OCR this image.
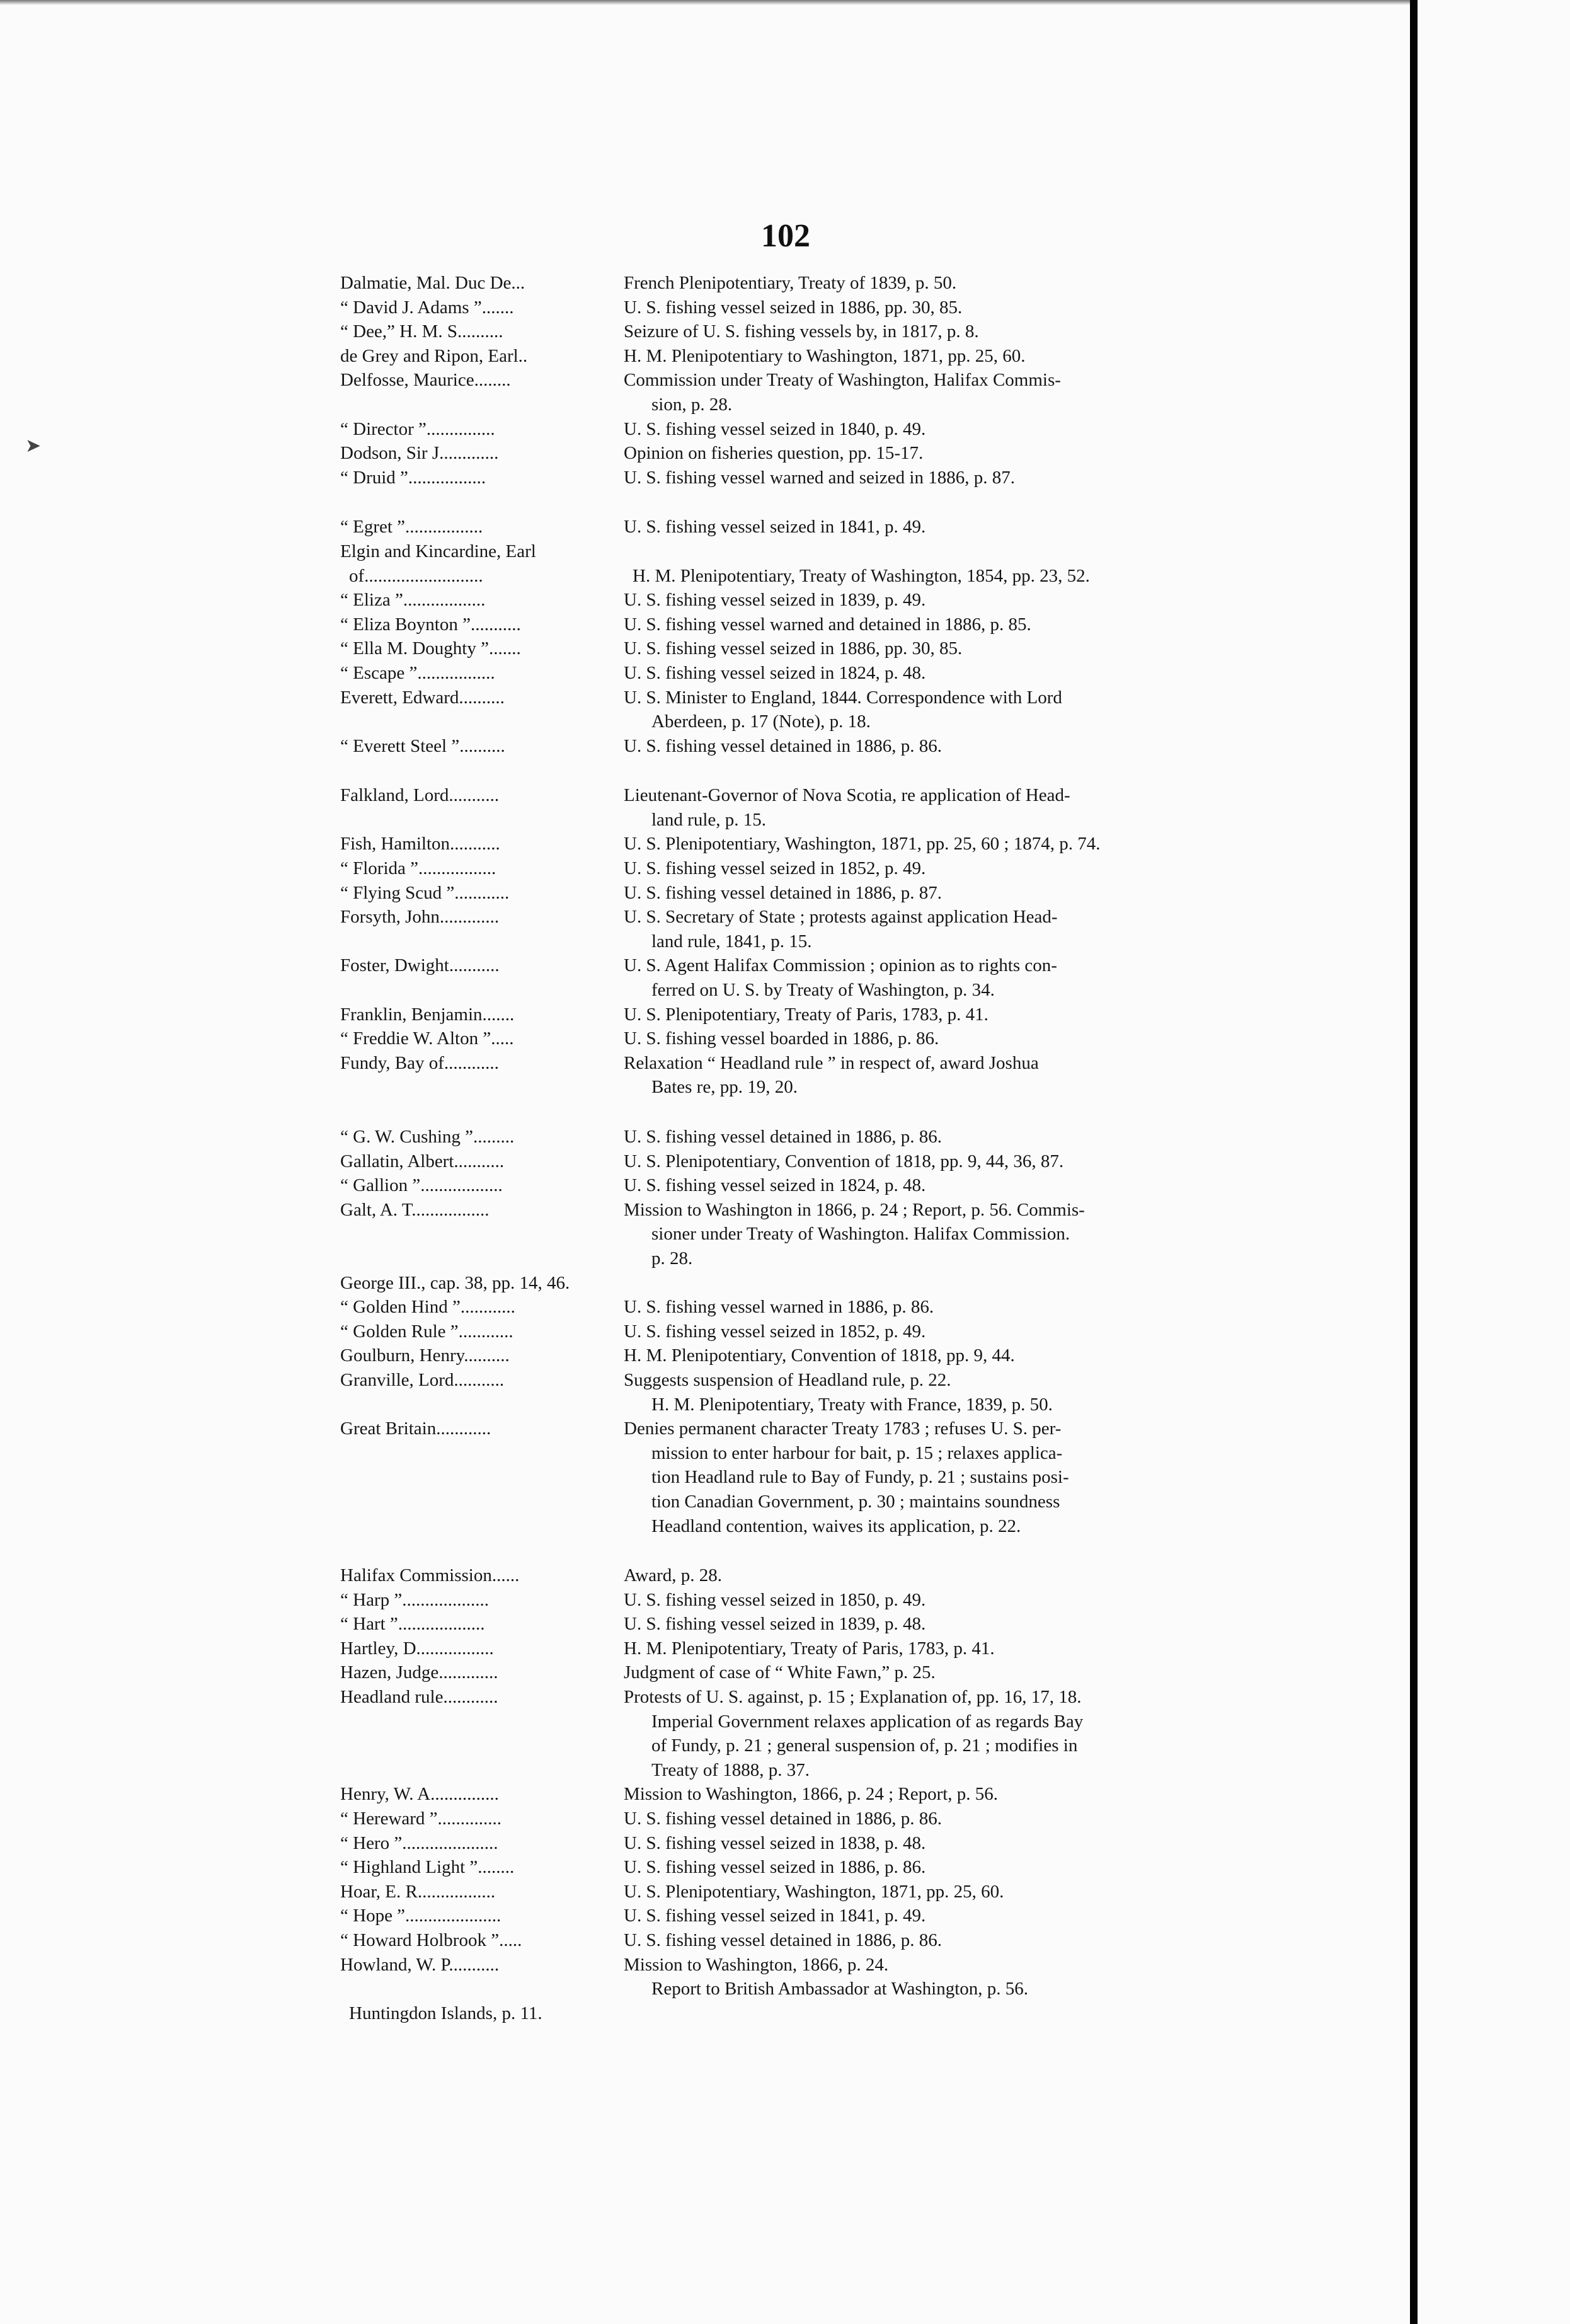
➤
102
Dalmatie, Mal. Duc De...	French Plenipotentiary, Treaty of 1839, p. 50.
“ David J. Adams ”.......	U. S. fishing vessel seized in 1886, pp. 30, 85.
“ Dee,” H. M. S..........	Seizure of U. S. fishing vessels by, in 1817, p. 8.
de Grey and Ripon, Earl..	H. M. Plenipotentiary to Washington, 1871, pp. 25, 60.
Delfosse, Maurice........	Commission under Treaty of Washington, Halifax Commis-
sion, p. 28.
“ Director ”...............	U. S. fishing vessel seized in 1840, p. 49.
Dodson, Sir J.............	Opinion on fisheries question, pp. 15-17.
“ Druid ”.................	U. S. fishing vessel warned and seized in 1886, p. 87.
“ Egret ”.................	U. S. fishing vessel seized in 1841, p. 49.
Elgin and Kincardine, Earl
of..........................	H. M. Plenipotentiary, Treaty of Washington, 1854, pp. 23, 52.
“ Eliza ”..................	U. S. fishing vessel seized in 1839, p. 49.
“ Eliza Boynton ”...........	U. S. fishing vessel warned and detained in 1886, p. 85.
“ Ella M. Doughty ”.......	U. S. fishing vessel seized in 1886, pp. 30, 85.
“ Escape ”.................	U. S. fishing vessel seized in 1824, p. 48.
Everett, Edward..........	U. S. Minister to England, 1844. Correspondence with Lord
Aberdeen, p. 17 (Note), p. 18.
“ Everett Steel ”..........	U. S. fishing vessel detained in 1886, p. 86.
Falkland, Lord...........	Lieutenant-Governor of Nova Scotia, re application of Head-
land rule, p. 15.
Fish, Hamilton...........	U. S. Plenipotentiary, Washington, 1871, pp. 25, 60 ; 1874, p. 74.
“ Florida ”.................	U. S. fishing vessel seized in 1852, p. 49.
“ Flying Scud ”............	U. S. fishing vessel detained in 1886, p. 87.
Forsyth, John.............	U. S. Secretary of State ; protests against application Head-
land rule, 1841, p. 15.
Foster, Dwight...........	U. S. Agent Halifax Commission ; opinion as to rights con-
ferred on U. S. by Treaty of Washington, p. 34.
Franklin, Benjamin.......	U. S. Plenipotentiary, Treaty of Paris, 1783, p. 41.
“ Freddie W. Alton ”.....	U. S. fishing vessel boarded in 1886, p. 86.
Fundy, Bay of............	Relaxation “ Headland rule ” in respect of, award Joshua
Bates re, pp. 19, 20.
“ G. W. Cushing ”.........	U. S. fishing vessel detained in 1886, p. 86.
Gallatin, Albert...........	U. S. Plenipotentiary, Convention of 1818, pp. 9, 44, 36, 87.
“ Gallion ”..................	U. S. fishing vessel seized in 1824, p. 48.
Galt, A. T.................	Mission to Washington in 1866, p. 24 ; Report, p. 56. Commis-
sioner under Treaty of Washington. Halifax Commission.
p. 28.
George III., cap. 38, pp. 14, 46.
“ Golden Hind ”............	U. S. fishing vessel warned in 1886, p. 86.
“ Golden Rule ”............	U. S. fishing vessel seized in 1852, p. 49.
Goulburn, Henry..........	H. M. Plenipotentiary, Convention of 1818, pp. 9, 44.
Granville, Lord...........	Suggests suspension of Headland rule, p. 22.
H. M. Plenipotentiary, Treaty with France, 1839, p. 50.
Great Britain............	Denies permanent character Treaty 1783 ; refuses U. S. per-
mission to enter harbour for bait, p. 15 ; relaxes applica-
tion Headland rule to Bay of Fundy, p. 21 ; sustains posi-
tion Canadian Government, p. 30 ; maintains soundness
Headland contention, waives its application, p. 22.
Halifax Commission......	Award, p. 28.
“ Harp ”...................	U. S. fishing vessel seized in 1850, p. 49.
“ Hart ”...................	U. S. fishing vessel seized in 1839, p. 48.
Hartley, D.................	H. M. Plenipotentiary, Treaty of Paris, 1783, p. 41.
Hazen, Judge.............	Judgment of case of “ White Fawn,” p. 25.
Headland rule............	Protests of U. S. against, p. 15 ; Explanation of, pp. 16, 17, 18.
Imperial Government relaxes application of as regards Bay
of Fundy, p. 21 ; general suspension of, p. 21 ; modifies in
Treaty of 1888, p. 37.
Henry, W. A...............	Mission to Washington, 1866, p. 24 ; Report, p. 56.
“ Hereward ”..............	U. S. fishing vessel detained in 1886, p. 86.
“ Hero ”.....................	U. S. fishing vessel seized in 1838, p. 48.
“ Highland Light ”........	U. S. fishing vessel seized in 1886, p. 86.
Hoar, E. R.................	U. S. Plenipotentiary, Washington, 1871, pp. 25, 60.
“ Hope ”.....................	U. S. fishing vessel seized in 1841, p. 49.
“ Howard Holbrook ”.....	U. S. fishing vessel detained in 1886, p. 86.
Howland, W. P...........	Mission to Washington, 1866, p. 24.
Report to British Ambassador at Washington, p. 56.
Huntingdon Islands, p. 11.
